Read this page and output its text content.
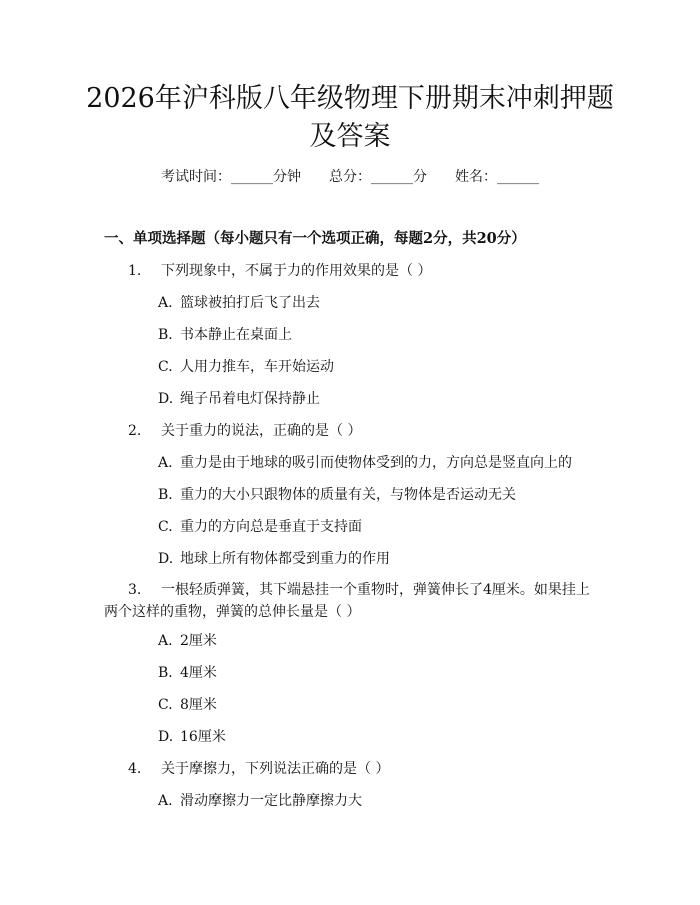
2026年沪科版八年级物理下册期末冲刺押题
及答案
考试时间：______分钟 总分：______分 姓名：______
一、单项选择题（每小题只有一个选项正确，每题2分，共20分）
1.	下列现象中，不属于力的作用效果的是（ ）
A. 篮球被拍打后飞了出去
B. 书本静止在桌面上
C. 人用力推车，车开始运动
D. 绳子吊着电灯保持静止
2.	关于重力的说法，正确的是（ ）
A. 重力是由于地球的吸引而使物体受到的力，方向总是竖直向上的
B. 重力的大小只跟物体的质量有关，与物体是否运动无关
C. 重力的方向总是垂直于支持面
D. 地球上所有物体都受到重力的作用
3.	一根轻质弹簧，其下端悬挂一个重物时，弹簧伸长了4厘米。如果挂上两个这样的重物，弹簧的总伸长量是（ ）
A. 2厘米
B. 4厘米
C. 8厘米
D. 16厘米
4.	关于摩擦力，下列说法正确的是（ ）
A. 滑动摩擦力一定比静摩擦力大
